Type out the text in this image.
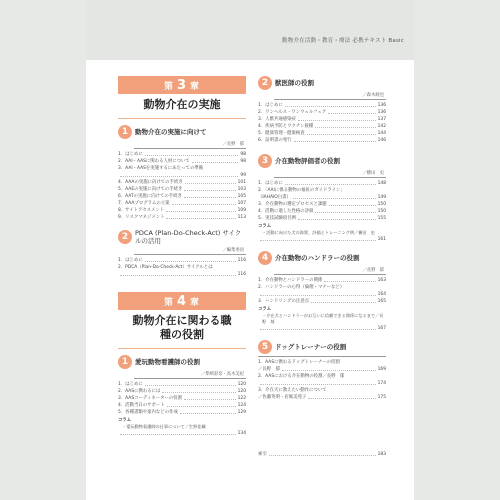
動物介在活動・教育・療法 必携テキスト Basic
第 3 章
動物介在の実施
1	動物介在の実施に向けて
／長野　郁
1．はじめに	98
2．AAI・AASに関わる人材について	98
3．AAI・AASを実施するにあたっての準備
99
4．AAAの実施に向けての手続き	101
5．AAEの実施に向けての手続き	103
6．AATの実施に向けての手続き	105
7．AAAプログラムの立案	107
8．サイトアセスメント	109
9．リスクマネジメント	113
2	PDCA (Plan-Do-Check-Act) サイクルの活用
／編集委員
1．はじめに	116
2．PDCA（Plan-Do-Check-Act）サイクルとは
116
第 4 章
動物介在に関わる職種の役割
1	愛玩動物看護師の役割
／柴崎彩奈・高木美紀
1．はじめに	120
2．AASに携わるには	120
3．AASコーディネーターの役割	122
4．活動当日のサポート	124
5．各種書類や案内などの作成	129
コラム
・愛玩動物看護師の仕事について／生野佳織
134
2	獣医師の役割
／森木綾也
1．はじめに	136
2．ワンヘルス・ワンウェルフェア	136
3．人獣共通感染症	137
4．疾病予防とワクチン接種	142
5．健康管理・健康検査	144
6．証明書の発行	146
3	介在動物評価者の役割
／横田　史
1．はじめに	148
2．「AAIに係る動物の福祉のガイドライン」
（IAHAIO白書）	149
3．介在動物の選定プロセスと課題	150
4．活動に適した性格の評価	150
5．実技試験項目例	155
コラム
・活動に向けた犬の資質、評価とトレーニング例／横田　史
161
4	介在動物のハンドラーの役割
／長野　郁
1．介在動物とハンドラーの関係	163
2．ハンドラーの心得（倫理・マナーなど）
164
3．ハンドリングの注意点	165
コラム
・介在犬とハンドラーがお互いに信頼できる関係になるまで／長野　郁
167
5	ドッグトレーナーの役割
1．AASに携わるドッグトレーナーの役割
／長野　郁	169
2．AASにおける介在動物の役割／長野　郁
174
3．介在犬に教えたい動作について
／佐藤英明・岩堀美苑子	175
索引	183
